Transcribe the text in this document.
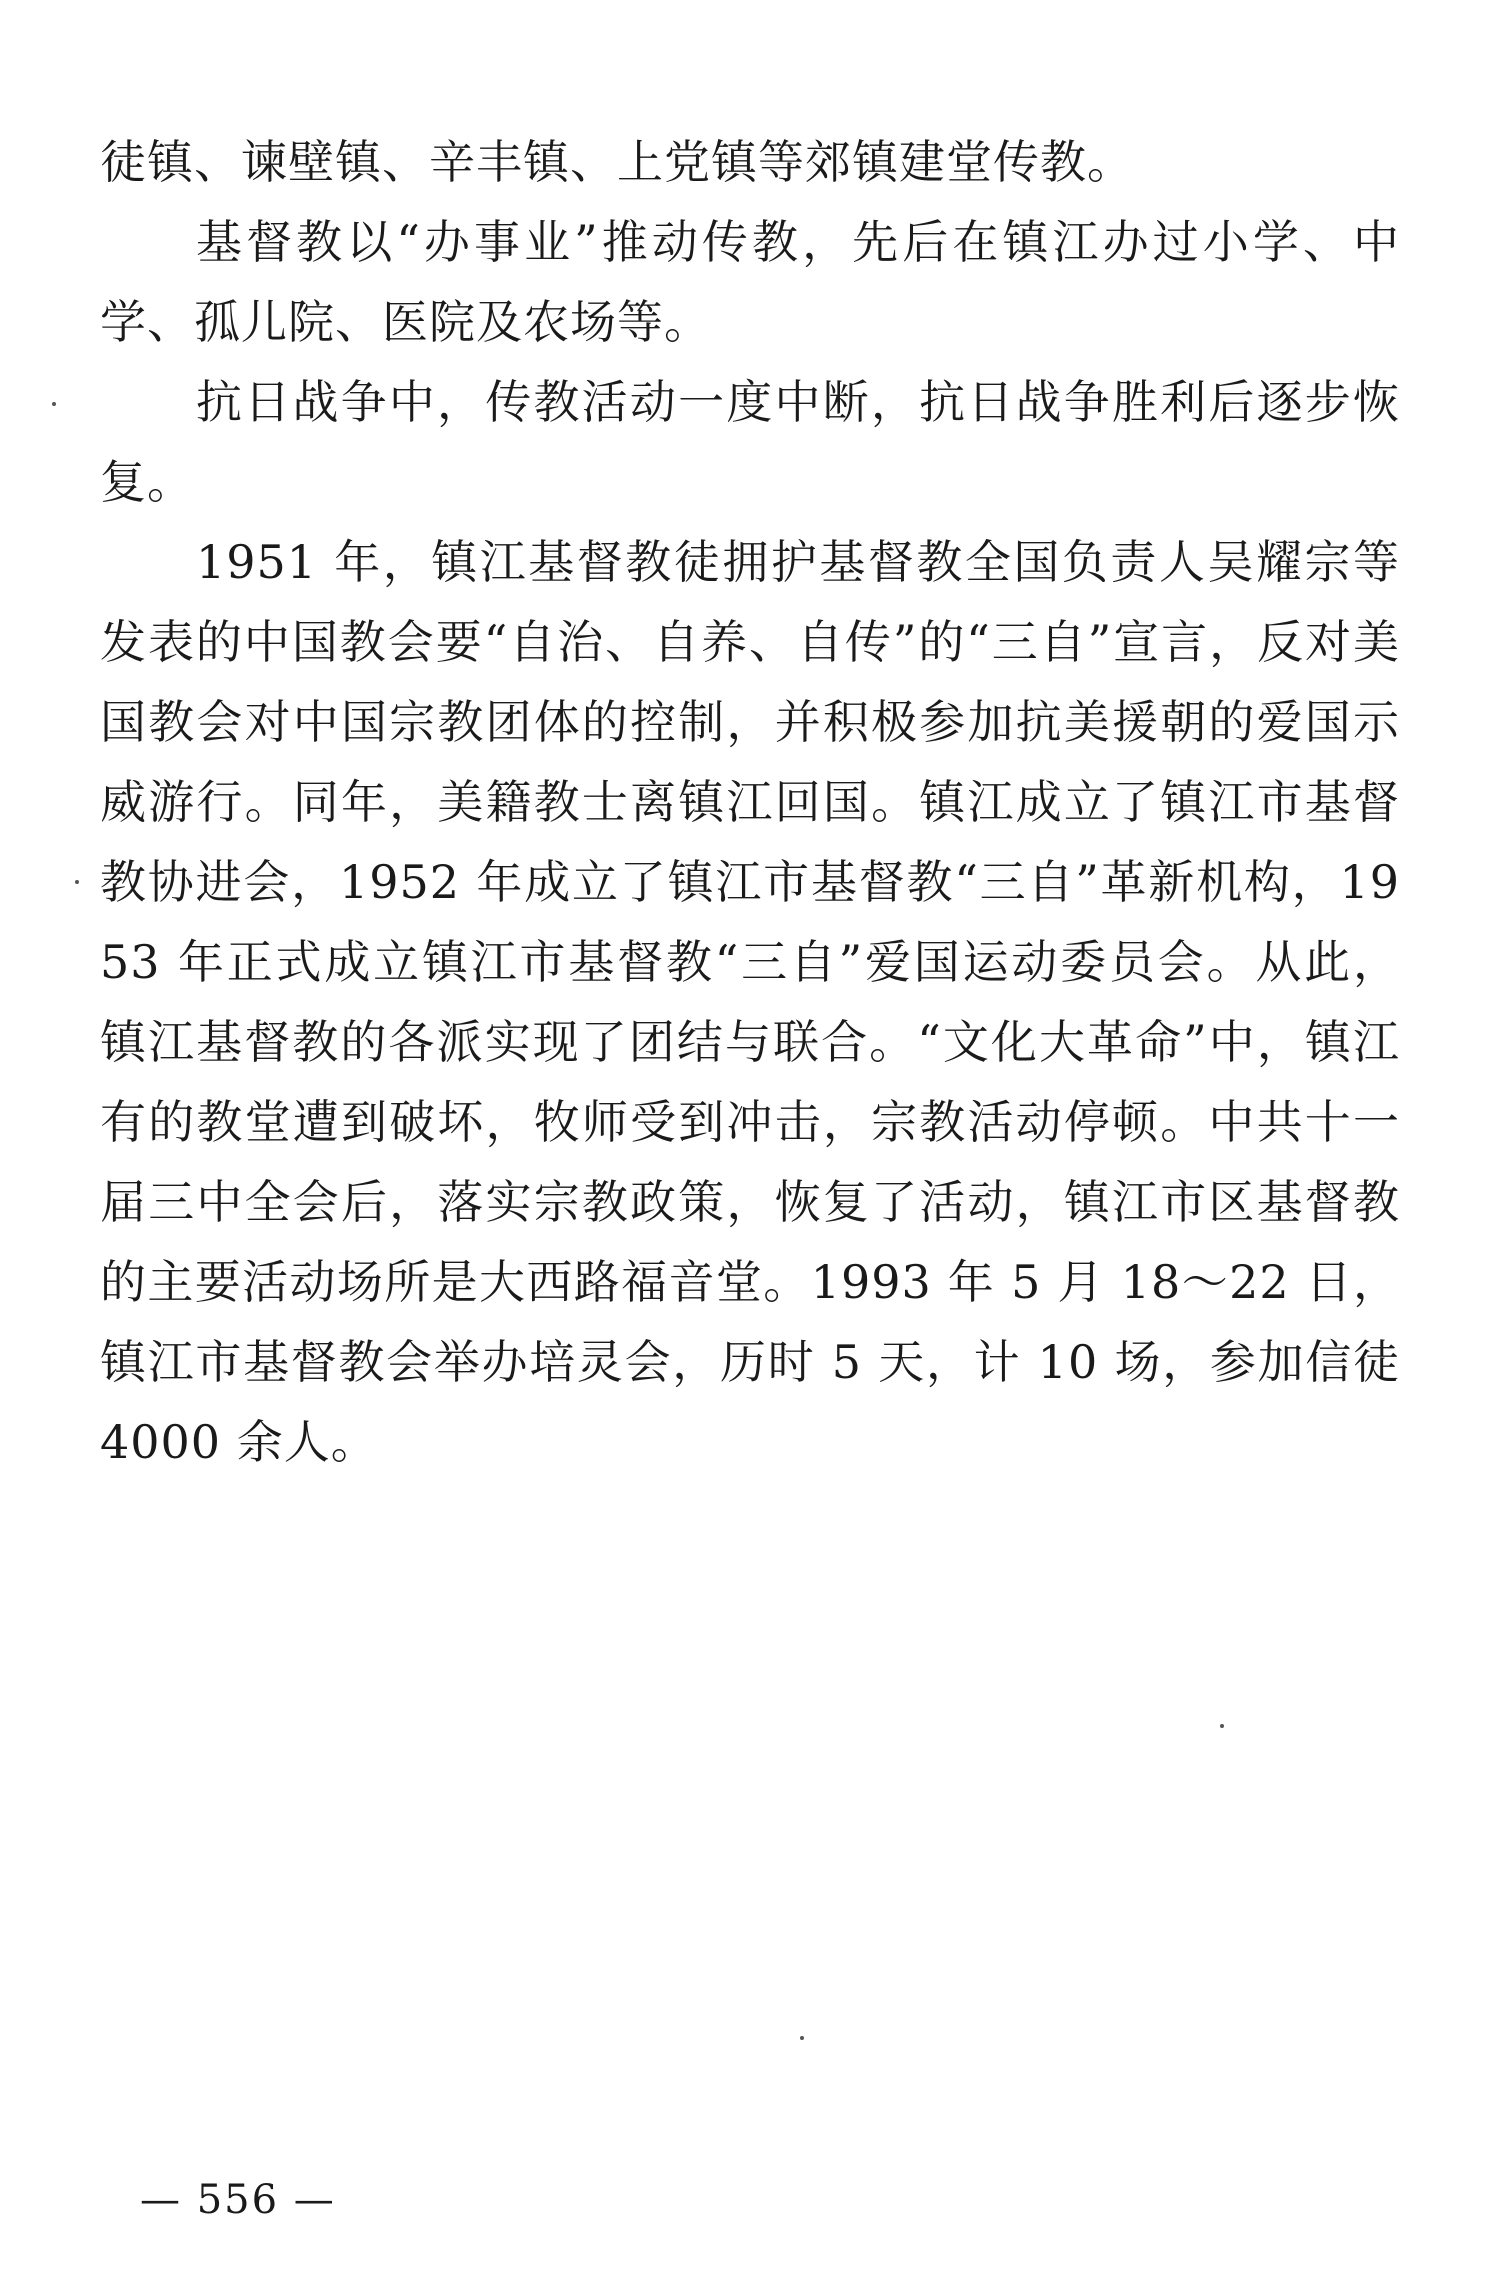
徒镇、谏壁镇、辛丰镇、上党镇等郊镇建堂传教。

基督教以“办事业”推动传教，先后在镇江办过小学、中学、孤儿院、医院及农场等。

抗日战争中，传教活动一度中断，抗日战争胜利后逐步恢复。

1951 年，镇江基督教徒拥护基督教全国负责人吴耀宗等发表的中国教会要“自治、自养、自传”的“三自”宣言，反对美国教会对中国宗教团体的控制，并积极参加抗美援朝的爱国示威游行。同年，美籍教士离镇江回国。镇江成立了镇江市基督教协进会，1952 年成立了镇江市基督教“三自”革新机构，1953 年正式成立镇江市基督教“三自”爱国运动委员会。从此，镇江基督教的各派实现了团结与联合。“文化大革命”中，镇江有的教堂遭到破坏，牧师受到冲击，宗教活动停顿。中共十一届三中全会后，落实宗教政策，恢复了活动，镇江市区基督教的主要活动场所是大西路福音堂。1993 年 5 月 18～22 日，镇江市基督教会举办培灵会，历时 5 天，计 10 场，参加信徒 4000 余人。

— 556 —
